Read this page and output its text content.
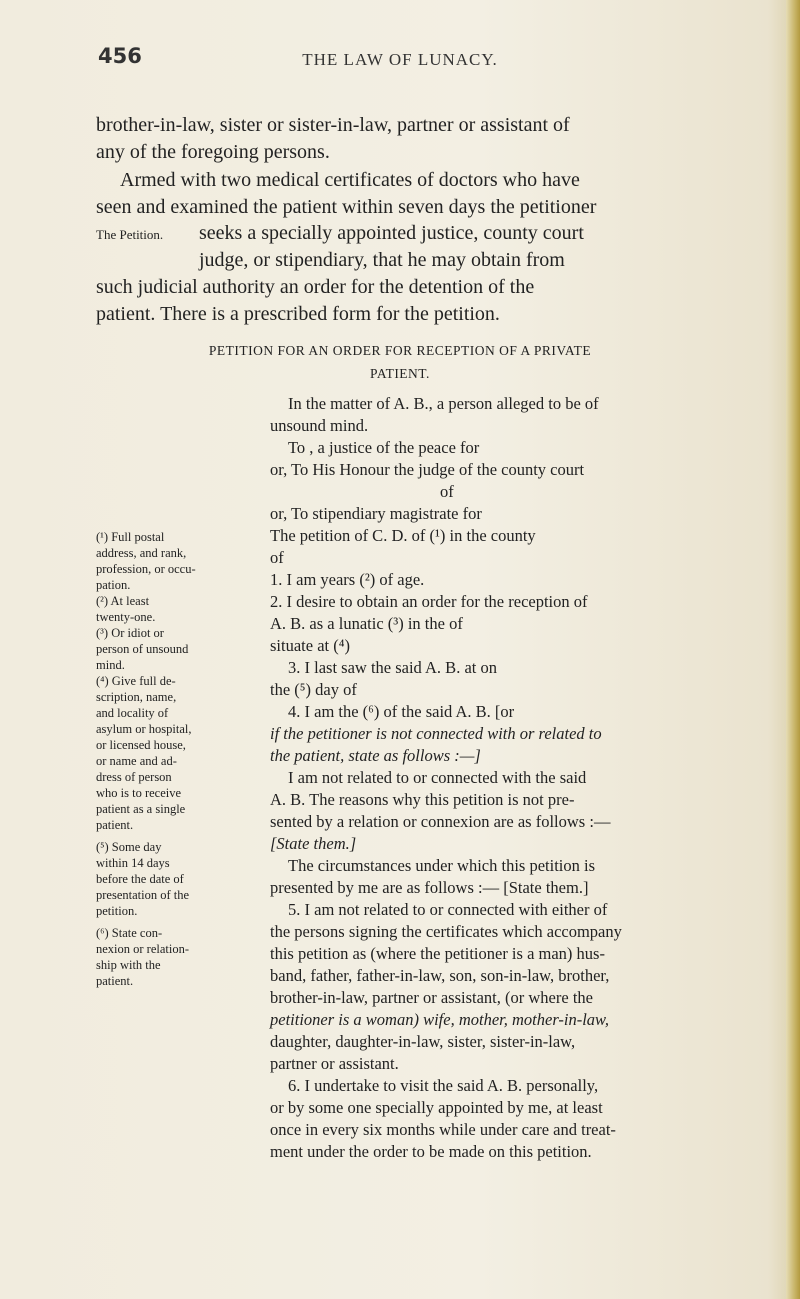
456	THE LAW OF LUNACY.
brother-in-law, sister or sister-in-law, partner or assistant of
any of the foregoing persons.
Armed with two medical certificates of doctors who have
seen and examined the patient within seven days the petitioner
The Petition. seeks a specially appointed justice, county court
judge, or stipendiary, that he may obtain from
such judicial authority an order for the detention of the
patient. There is a prescribed form for the petition.
PETITION FOR AN ORDER FOR RECEPTION OF A PRIVATE
PATIENT.
In the matter of A. B., a person alleged to be of
unsound mind.
To , a justice of the peace for
or, To His Honour the judge of the county court
of
or, To stipendiary magistrate for
The petition of C. D. of (¹) in the county
of
1. I am years (²) of age.
2. I desire to obtain an order for the reception of
A. B. as a lunatic (³) in the of
situate at (⁴)
3. I last saw the said A. B. at on
the (⁵) day of
4. I am the (⁶) of the said A. B. [or
if the petitioner is not connected with or related to
the patient, state as follows :—]
I am not related to or connected with the said
A. B. The reasons why this petition is not pre-
sented by a relation or connexion are as follows :—
[State them.]
The circumstances under which this petition is
presented by me are as follows :— [State them.]
5. I am not related to or connected with either of
the persons signing the certificates which accompany
this petition as (where the petitioner is a man) hus-
band, father, father-in-law, son, son-in-law, brother,
brother-in-law, partner or assistant, (or where the
petitioner is a woman) wife, mother, mother-in-law,
daughter, daughter-in-law, sister, sister-in-law,
partner or assistant.
6. I undertake to visit the said A. B. personally,
or by some one specially appointed by me, at least
once in every six months while under care and treat-
ment under the order to be made on this petition.
(¹) Full postal
address, and rank,
profession, or occu-
pation.
(²) At least
twenty-one.
(³) Or idiot or
person of unsound
mind.
(⁴) Give full de-
scription, name,
and locality of
asylum or hospital,
or licensed house,
or name and ad-
dress of person
who is to receive
patient as a single
patient.
(⁵) Some day
within 14 days
before the date of
presentation of the
petition.
(⁶) State con-
nexion or relation-
ship with the
patient.
